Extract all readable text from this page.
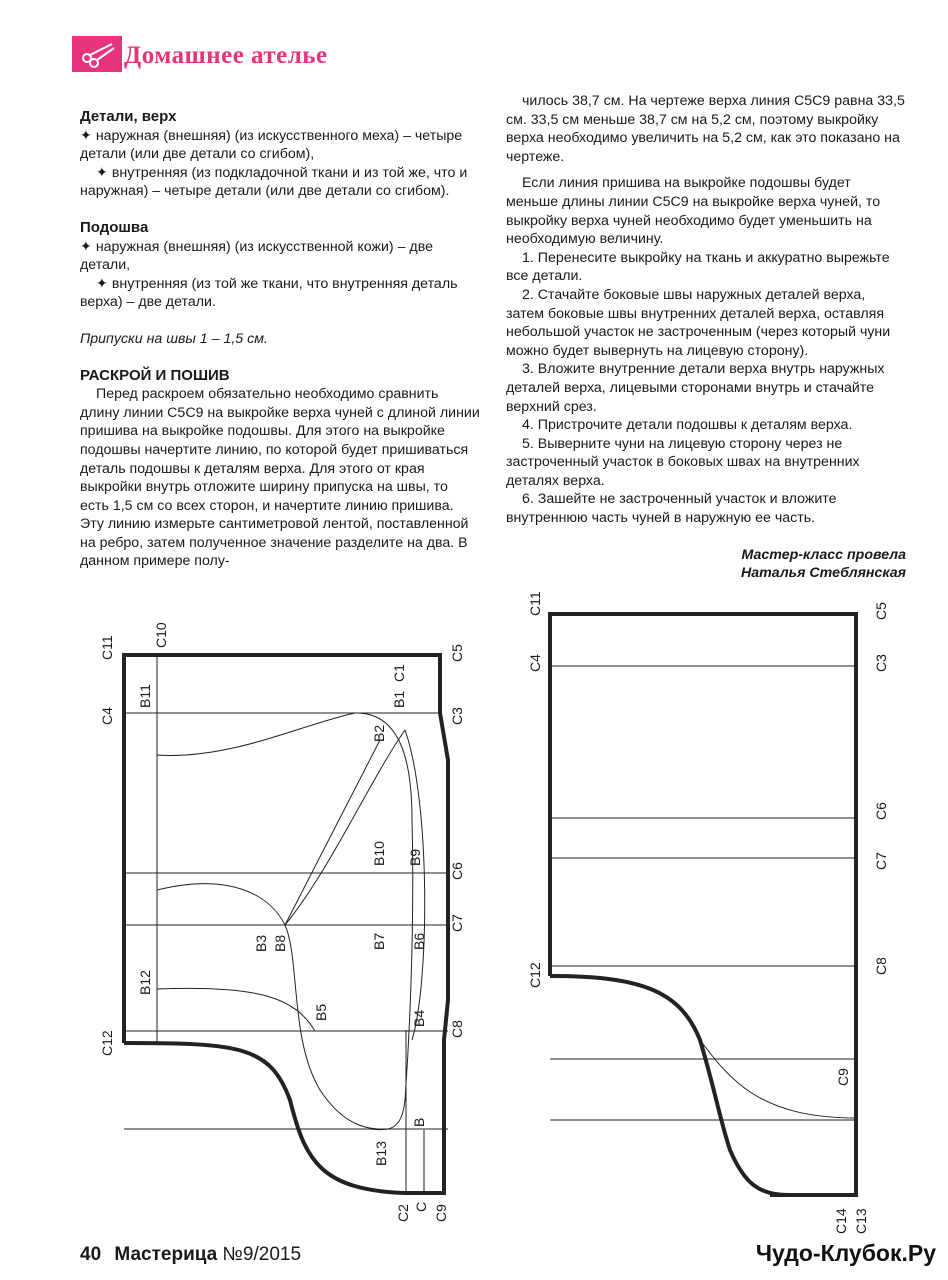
Домашнее ателье

Детали, верх

✦ наружная (внешняя) (из искусственного меха) – четыре детали (или две детали со сгибом),

✦ внутренняя (из подкладочной ткани и из той же, что и наружная) – четыре детали (или две детали со сгибом).

Подошва

✦ наружная (внешняя) (из искусственной кожи) – две детали,

✦ внутренняя (из той же ткани, что внутренняя деталь верха) – две детали.

Припуски на швы 1 – 1,5 см.

РАСКРОЙ И ПОШИВ

Перед раскроем обязательно необходимо сравнить длину линии С5С9 на выкройке верха чуней с длиной линии пришива на выкройке подошвы. Для этого на выкройке подошвы начертите линию, по которой будет пришиваться деталь подошвы к деталям верха. Для этого от края выкройки внутрь отложите ширину припуска на швы, то есть 1,5 см со всех сторон, и начертите линию пришива. Эту линию измерьте сантиметровой лентой, поставленной на ребро, затем полученное значение разделите на два. В данном примере полу-

чилось 38,7 см. На чертеже верха линия С5С9 равна 33,5 см. 33,5 см меньше 38,7 см на 5,2 см, поэтому выкройку верха необходимо увеличить на 5,2 см, как это показано на чертеже.

Если линия пришива на выкройке подошвы будет меньше длины линии С5С9 на выкройке верха чуней, то выкройку верха чуней необходимо будет уменьшить на необходимую величину.

1. Перенесите выкройку на ткань и аккуратно вырежьте все детали.

2. Стачайте боковые швы наружных деталей верха, затем боковые швы внутренних деталей верха, оставляя небольшой участок не застроченным (через который чуни можно будет вывернуть на лицевую сторону).

3. Вложите внутренние детали верха внутрь наружных деталей верха, лицевыми сторонами внутрь и стачайте верхний срез.

4. Пристрочите детали подошвы к деталям верха.

5. Выверните чуни на лицевую сторону через не застроченный участок в боковых швах на внутренних деталях верха.

6. Зашейте не застроченный участок и вложите внутреннюю часть чуней в наружную ее часть.

Мастер-класс провела

Наталья Стеблянская

C11	C10
C5
C1
C4	C3
B11	B1
B2
B10 B9
C6
B3 B8	B7 B6
C7
B12
B5	B4
C8
C12
B
B13
C2 C C9
C11	C5
C4	C3
C6
C7
C12	C8
C9
C14 C13
40 Мастерица №9/2015	Чудо-Клубок.Ру
